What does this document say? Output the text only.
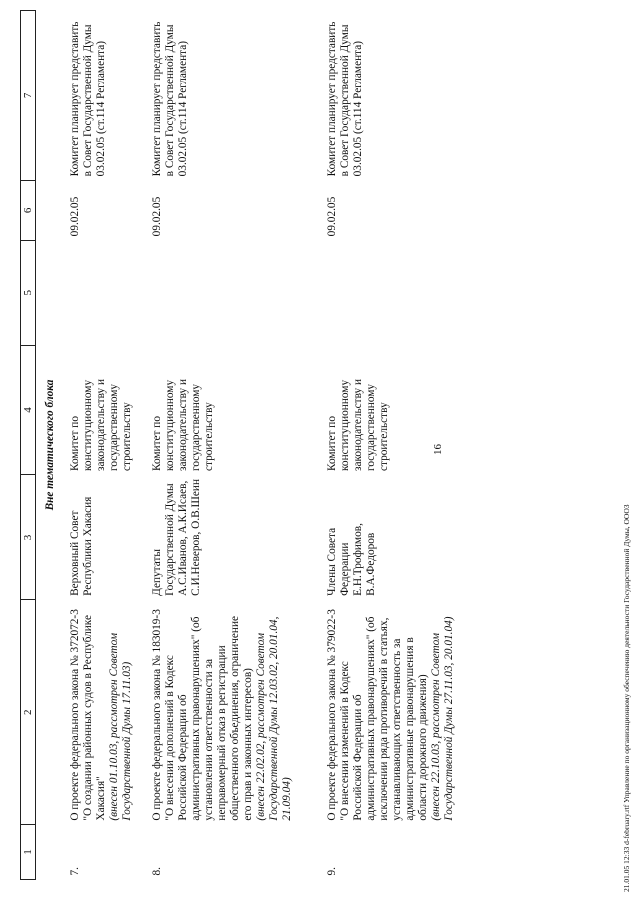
16
1	2	3	4	5	6	7
Вне тематического блока						
7.	О проекте федерального закона № 372072-3 "О создании районных судов в Республике Хакасия" (внесен 01.10.03, рассмотрен Советом Государственной Думы 17.11.03)	Верховный Совет Республики Хакасия	Комитет по конституционному законодательству и государственному строительству		09.02.05	Комитет планирует представить в Совет Государственной Думы 03.02.05 (ст.114 Регламента)
8.	О проекте федерального закона № 183019-3 "О внесении дополнений в Кодекс Российской Федерации об административных правонарушениях" (об установлении ответственности за неправомерный отказ в регистрации общественного объединения, ограничение его прав и законных интересов) (внесен 22.02.02, рассмотрен Советом Государственной Думы 12.03.02, 20.01.04, 21.09.04)	Депутаты Государственной Думы А.С.Иванов, А.К.Исаев, С.И.Неверов, О.В.Шеин	Комитет по конституционному законодательству и государственному строительству		09.02.05	Комитет планирует представить в Совет Государственной Думы 03.02.05 (ст.114 Регламента)
9.	О проекте федерального закона № 379022-3 "О внесении изменений в Кодекс Российской Федерации об административных правонарушениях" (об исключении ряда противоречий в статьях, устанавливающих ответственность за административные правонарушения в области дорожного движения) (внесен 22.10.03, рассмотрен Советом Государственной Думы 27.11.03, 20.01.04)	Члены Совета Федерации Е.Н.Трофимов, В.А.Федоров	Комитет по конституционному законодательству и государственному строительству		09.02.05	Комитет планирует представить в Совет Государственной Думы 03.02.05 (ст.114 Регламента)
21.01.05 12:33 d-february.rtf Управление по организационному обеспечению деятельности Государственной Думы, ООО3
